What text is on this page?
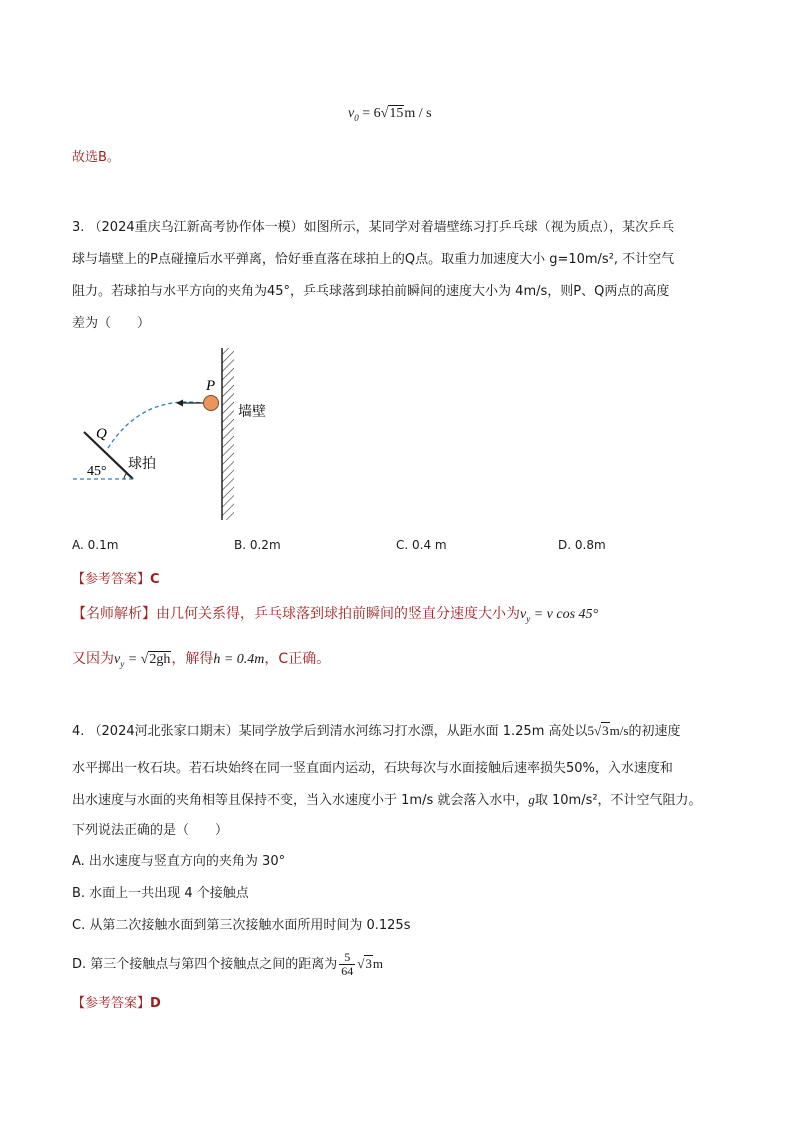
$v_0 = 6√15m / s$
故选B。
3. （2024重庆乌江新高考协作体一模）如图所示，某同学对着墙壁练习打乒乓球（视为质点），某次乒乓
球与墙壁上的P点碰撞后水平弹离，恰好垂直落在球拍上的Q点。取重力加速度大小 g=10m/s², 不计空气
阻力。若球拍与水平方向的夹角为45°，乒乓球落到球拍前瞬间的速度大小为 4m/s，则P、Q两点的高度
差为（　　）
P
Q
墙壁
球拍
45°
A. 0.1m	B. 0.2m	C. 0.4 m	D. 0.8m
【参考答案】C
【名师解析】由几何关系得，乒乓球落到球拍前瞬间的竖直分速度大小为$v_y = v$ cos 45°
又因为$v_y = √2gh$，解得h = 0.4m，C正确。
4. （2024河北张家口期末）某同学放学后到清水河练习打水漂，从距水面 1.25m 高处以5√3m/s的初速度
水平掷出一枚石块。若石块始终在同一竖直面内运动，石块每次与水面接触后速率损失50%，入水速度和
出水速度与水面的夹角相等且保持不变，当入水速度小于 1m/s 就会落入水中，g取 10m/s²，不计空气阻力。
下列说法正确的是（　　）
A. 出水速度与竖直方向的夹角为 30°
B. 水面上一共出现 4 个接触点
C. 从第二次接触水面到第三次接触水面所用时间为 0.125s
D. 第三个接触点与第四个接触点之间的距离为 $\frac{5}{64} √3m$
【参考答案】D
